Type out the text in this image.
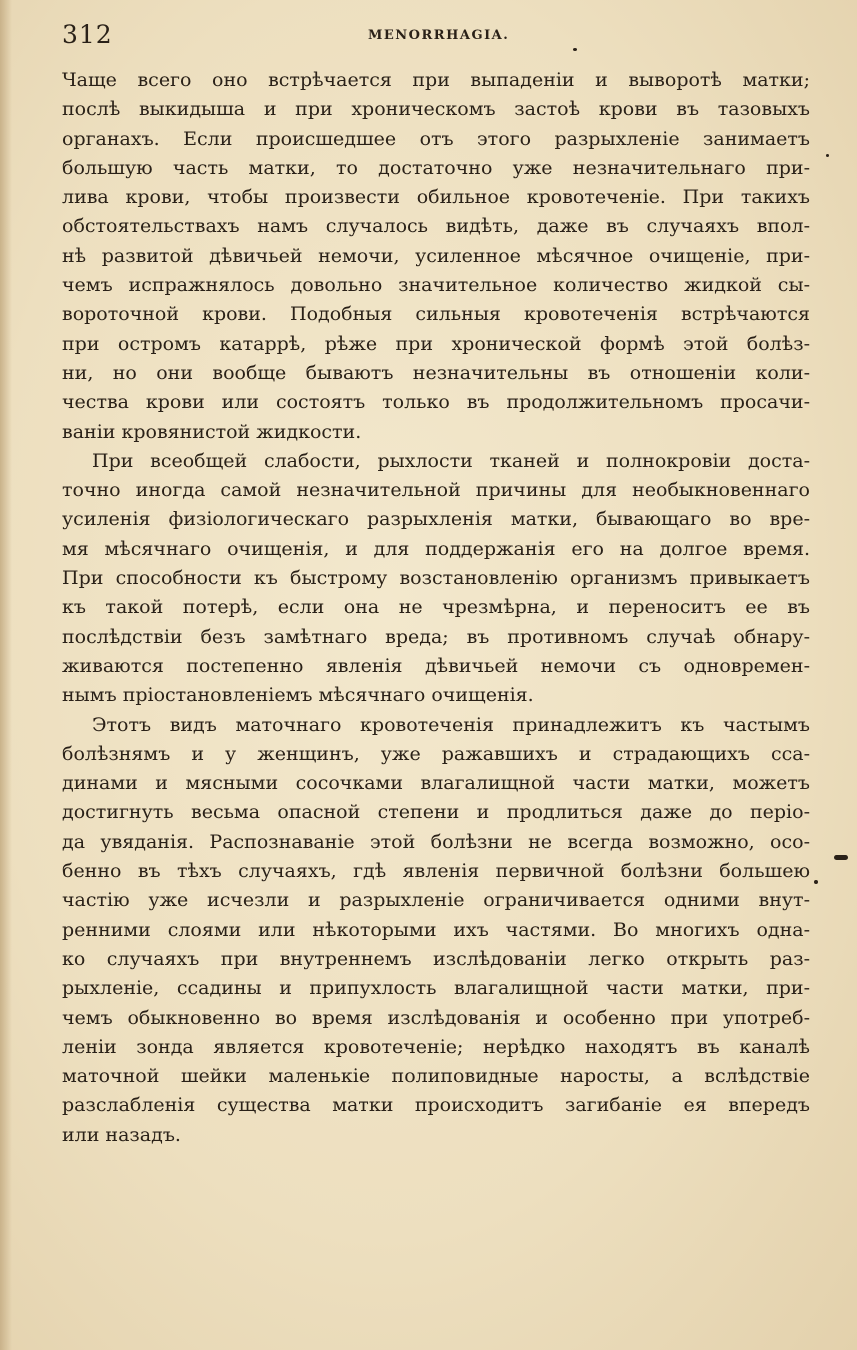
312	MENORRHAGIA.
Чаще всего оно встрѣчается при выпаденіи и выворотѣ матки;
послѣ выкидыша и при хроническомъ застоѣ крови въ тазовыхъ
органахъ. Если происшедшее отъ этого разрыхленіе занимаетъ
большую часть матки, то достаточно уже незначительнаго при-
лива крови, чтобы произвести обильное кровотеченіе. При такихъ
обстоятельствахъ намъ случалось видѣть, даже въ случаяхъ впол-
нѣ развитой дѣвичьей немочи, усиленное мѣсячное очищеніе, при-
чемъ испражнялось довольно значительное количество жидкой сы-
вороточной крови. Подобныя сильныя кровотеченія встрѣчаются
при остромъ катаррѣ, рѣже при хронической формѣ этой болѣз-
ни, но они вообще бываютъ незначительны въ отношеніи коли-
чества крови или состоятъ только въ продолжительномъ просачи-
ваніи кровянистой жидкости.
При всеобщей слабости, рыхлости тканей и полнокровіи доста-
точно иногда самой незначительной причины для необыкновеннаго
усиленія физіологическаго разрыхленія матки, бывающаго во вре-
мя мѣсячнаго очищенія, и для поддержанія его на долгое время.
При способности къ быстрому возстановленію организмъ привыкаетъ
къ такой потерѣ, если она не чрезмѣрна, и переноситъ ее въ
послѣдствіи безъ замѣтнаго вреда; въ противномъ случаѣ обнару-
живаются постепенно явленія дѣвичьей немочи съ одновремен-
нымъ пріостановленіемъ мѣсячнаго очищенія.
Этотъ видъ маточнаго кровотеченія принадлежитъ къ частымъ
болѣзнямъ и у женщинъ, уже ражавшихъ и страдающихъ сса-
динами и мясными сосочками влагалищной части матки, можетъ
достигнуть весьма опасной степени и продлиться даже до періо-
да увяданія. Распознаваніе этой болѣзни не всегда возможно, осо-
бенно въ тѣхъ случаяхъ, гдѣ явленія первичной болѣзни большею
частію уже исчезли и разрыхленіе ограничивается одними внут-
ренними слоями или нѣкоторыми ихъ частями. Во многихъ одна-
ко случаяхъ при внутреннемъ изслѣдованіи легко открыть раз-
рыхленіе, ссадины и припухлость влагалищной части матки, при-
чемъ обыкновенно во время изслѣдованія и особенно при употреб-
леніи зонда является кровотеченіе; нерѣдко находятъ въ каналѣ
маточной шейки маленькіе полиповидные наросты, а вслѣдствіе
разслабленія существа матки происходитъ загибаніе ея впередъ
или назадъ.
